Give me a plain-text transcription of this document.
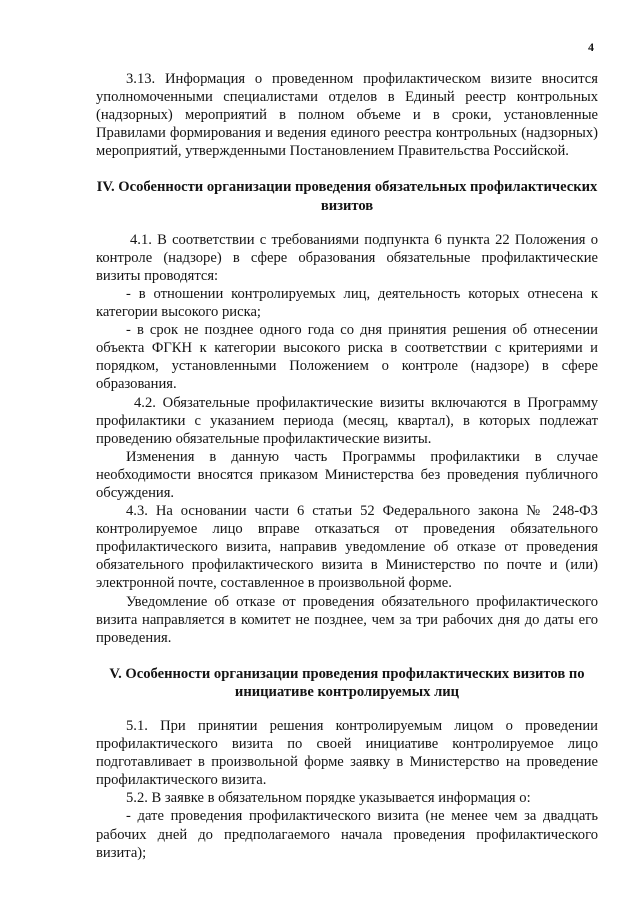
4

3.13. Информация о проведенном профилактическом визите вносится уполномоченными специалистами отделов в Единый реестр контрольных (надзорных) мероприятий в полном объеме и в сроки, установленные Правилами формирования и ведения единого реестра контрольных (надзорных) мероприятий, утвержденными Постановлением Правительства Российской.

IV. Особенности организации проведения обязательных профилактических визитов

4.1. В соответствии с требованиями подпункта 6 пункта 22 Положения о контроле (надзоре) в сфере образования обязательные профилактические визиты проводятся:

- в отношении контролируемых лиц, деятельность которых отнесена к категории высокого риска;

- в срок не позднее одного года со дня принятия решения об отнесении объекта ФГКН к категории высокого риска в соответствии с критериями и порядком, установленными Положением о контроле (надзоре) в сфере образования.

4.2. Обязательные профилактические визиты включаются в Программу профилактики с указанием периода (месяц, квартал), в которых подлежат проведению обязательные профилактические визиты.

Изменения в данную часть Программы профилактики в случае необходимости вносятся приказом Министерства без проведения публичного обсуждения.

4.3. На основании части 6 статьи 52 Федерального закона № 248-ФЗ контролируемое лицо вправе отказаться от проведения обязательного профилактического визита, направив уведомление об отказе от проведения обязательного профилактического визита в Министерство по почте и (или) электронной почте, составленное в произвольной форме.

Уведомление об отказе от проведения обязательного профилактического визита направляется в комитет не позднее, чем за три рабочих дня до даты его проведения.

V. Особенности организации проведения профилактических визитов по инициативе контролируемых лиц

5.1. При принятии решения контролируемым лицом о проведении профилактического визита по своей инициативе контролируемое лицо подготавливает в произвольной форме заявку в Министерство на проведение профилактического визита.

5.2. В заявке в обязательном порядке указывается информация о:

- дате проведения профилактического визита (не менее чем за двадцать рабочих дней до предполагаемого начала проведения профилактического визита);
